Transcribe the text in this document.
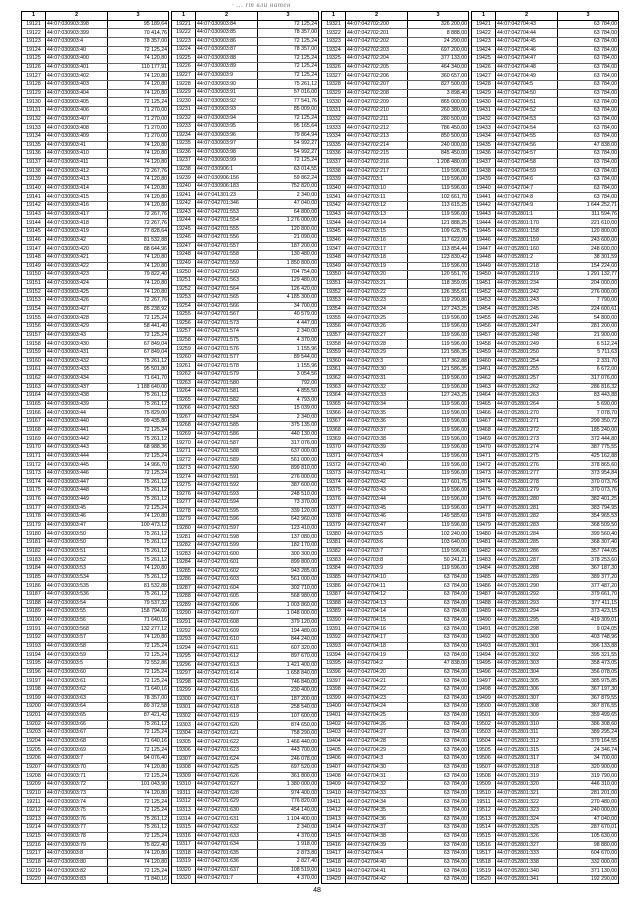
· … rm вли натен
1	2	3
19121	44:07:030903:398	95 189,64
19122	44:07:030903:399	70 414,76
19123	44:07:030903:4	78 357,00
19124	44:07:030903:40	72 125,24
19125	44:07:030903:400	74 120,80
19126	44:07:030903:401	110 177,91
19127	44:07:030903:402	74 120,80
19128	44:07:030903:403	74 120,80
19129	44:07:030903:404	74 120,80
19130	44:07:030903:405	72 125,24
19131	44:07:030903:406	71 270,00
19132	44:07:030903:407	71 270,00
19133	44:07:030903:408	71 270,00
19134	44:07:030903:409	71 270,00
19135	44:07:030903:41	74 120,80
19136	44:07:030903:410	74 120,80
19137	44:07:030903:411	74 120,80
19138	44:07:030903:412	72 267,76
19139	44:07:030903:413	74 120,80
19140	44:07:030903:414	74 120,80
19141	44:07:030903:415	74 120,80
19142	44:07:030903:416	74 120,80
19143	44:07:030903:417	72 267,76
19144	44:07:030903:418	72 267,76
19145	44:07:030903:419	77 828,64
19146	44:07:030903:42	81 532,88
19147	44:07:030903:420	88 644,96
19148	44:07:030903:421	74 120,80
19149	44:07:030903:422	74 120,80
19150	44:07:030903:423	79 822,40
19151	44:07:030903:424	74 120,80
19152	44:07:030903:425	74 120,80
19153	44:07:030903:426	72 267,76
19154	44:07:030903:427	85 238,92
19155	44:07:030903:428	72 125,24
19156	44:07:030903:429	58 441,40
19157	44:07:030903:43	72 125,24
19158	44:07:030903:430	67 849,04
19159	44:07:030903:431	67 849,04
19160	44:07:030903:432	75 261,12
19161	44:07:030903:433	95 501,80
19162	44:07:030903:434	71 641,70
19163	44:07:030903:437	1 188 640,00
19164	44:07:030903:438	75 261,12
19165	44:07:030903:439	75 261,12
19166	44:07:030903:44	75 829,00
19167	44:07:030903:440	99 435,80
19168	44:07:030903:441	72 125,24
19169	44:07:030903:442	75 261,12
19170	44:07:030903:443	68 988,36
19171	44:07:030903:444	72 125,24
19172	44:07:030903:445	14 966,70
19173	44:07:030903:446	72 125,24
19174	44:07:030903:447	75 261,12
19175	44:07:030903:448	75 261,12
19176	44:07:030903:449	75 261,12
19177	44:07:030903:45	72 125,24
19178	44:07:030903:46	74 120,80
19179	44:07:030903:47	100 473,12
19180	44:07:030903:50	75 261,12
19181	44:07:030903:50	75 261,12
19182	44:07:030903:51	75 261,12
19183	44:07:030903:52	75 261,12
19184	44:07:030903:53	74 120,80
19185	44:07:030903:534	75 261,12
19186	44:07:030903:535	81 532,88
19187	44:07:030903:536	75 261,12
19188	44:07:030903:54	79 537,32
19189	44:07:030903:55	158 794,00
19190	44:07:030903:56	71 640,16
19191	44:07:030903:568	132 277,12
19192	44:07:030903:57	74 120,80
19193	44:07:030903:58	72 125,24
19194	44:07:030903:59	72 125,24
19195	44:07:030903:5	72 552,86
19196	44:07:030903:60	72 125,24
19197	44:07:030903:61	72 125,24
19198	44:07:030903:62	71 640,16
19199	44:07:030903:63	78 357,00
19200	44:07:030903:64	89 372,58
19201	44:07:030903:65	87 421,42
19202	44:07:030903:66	75 261,12
19203	44:07:030903:67	72 125,24
19204	44:07:030903:68	71 640,16
19205	44:07:030903:69	72 125,24
19206	44:07:030903:7	94 076,40
19207	44:07:030903:70	74 120,80
19208	44:07:030903:71	72 125,24
19209	44:07:030903:72	101 043,90
19210	44:07:030903:73	74 120,80
19211	44:07:030903:74	72 125,24
19212	44:07:030903:75	72 125,24
19213	44:07:030903:76	75 261,12
19214	44:07:030903:77	75 261,12
19215	44:07:030903:78	72 125,24
19216	44:07:030903:79	75 822,40
19217	44:07:030903:8	74 120,80
19218	44:07:030903:80	74 120,80
19219	44:07:030903:82	72 125,24
19220	44:07:030903:83	71 840,16
1	2	3
19221	44:07:030903:84	72 125,24
19222	44:07:030903:85	78 357,00
19223	44:07:030903:86	72 125,24
19224	44:07:030903:87	78 357,00
19225	44:07:030903:88	72 125,24
19226	44:07:030903:89	72 125,24
19227	44:07:030903:9	72 125,24
19228	44:07:030903:90	75 261,12
19229	44:07:030903:91	57 016,00
19230	44:07:030903:92	77 541,76
19231	44:07:030903:93	85 009,00
19232	44:07:030903:94	72 125,24
19233	44:07:030903:95	95 165,64
19234	44:07:030903:96	79 864,94
19235	44:07:030903:97	54 992,27
19236	44:07:030903:98	54 992,27
19237	44:07:030903:99	72 125,24
19238	44:07:030906:1	63 014,55
19239	44:07:030906:156	59 862,24
19240	44:07:030906:183	752 820,00
19241	44:07:041301:23	2 340,00
19242	44:07:042701:346	47 040,00
19243	44:07:042701:553	64 800,00
19244	44:07:042701:554	1 276 000,00
19245	44:07:042701:555	120 800,00
19246	44:07:042701:556	21 090,00
19247	44:07:042701:557	187 200,00
19248	44:07:042701:558	130 480,00
19249	44:07:042701:559	1 850 800,00
19250	44:07:042701:560	704 754,00
19251	44:07:042701:563	129 480,00
19252	44:07:042701:564	126 420,00
19253	44:07:042701:565	4 185 300,00
19254	44:07:042701:566	34 700,00
19255	44:07:042701:567	40 579,00
19256	44:07:042701:573	4 447,00
19257	44:07:042701:574	2 340,00
19258	44:07:042701:575	4 370,00
19259	44:07:042701:576	1 155,96
19260	44:07:042701:577	89 544,00
19261	44:07:042701:578	1 155,96
19262	44:07:042701:579	3 054,56
19263	44:07:042701:580	792,00
19264	44:07:042701:581	4 855,50
19265	44:07:042701:582	4 793,00
19266	44:07:042701:583	15 039,00
19267	44:07:042701:584	2 340,00
19268	44:07:042701:585	375 135,00
19269	44:07:042701:586	440 130,00
19270	44:07:042701:587	317 076,00
19271	44:07:042701:588	637 000,00
19272	44:07:042701:589	561 000,00
19273	44:07:042701:590	899 810,00
19274	44:07:042701:591	276 000,00
19275	44:07:042701:592	387 600,00
19276	44:07:042701:593	248 510,00
19277	44:07:042701:594	73 370,00
19278	44:07:042701:595	339 120,00
19279	44:07:042701:596	642 960,00
19280	44:07:042701:597	123 410,00
19281	44:07:042701:598	137 080,00
19282	44:07:042701:599	182 170,00
19283	44:07:042701:600	300 300,00
19284	44:07:042701:601	899 800,00
19285	44:07:042701:602	943 285,00
19286	44:07:042701:603	561 000,00
19287	44:07:042701:604	302 710,00
19288	44:07:042701:605	568 980,00
19289	44:07:042701:606	1 003 860,00
19290	44:07:042701:607	1 048 000,00
19291	44:07:042701:608	379 120,00
19292	44:07:042701:609	194 480,00
19293	44:07:042701:610	844 240,00
19294	44:07:042701:611	607 320,00
19295	44:07:042701:612	897 670,00
19296	44:07:042701:613	1 421 400,00
19297	44:07:042701:614	1 658 840,00
19298	44:07:042701:615	746 840,00
19299	44:07:042701:616	230 400,00
19300	44:07:042701:617	187 200,00
19301	44:07:042701:618	258 540,00
19302	44:07:042701:619	107 600,00
19303	44:07:042701:620	874 650,00
19304	44:07:042701:621	758 290,00
19305	44:07:042701:622	1 466 440,00
19306	44:07:042701:623	443 700,00
19307	44:07:042701:624	246 078,00
19308	44:07:042701:625	697 520,00
19309	44:07:042701:626	361 800,00
19310	44:07:042701:627	1 380 000,00
19311	44:07:042701:628	974 400,00
19312	44:07:042701:629	776 820,00
19313	44:07:042701:630	454 140,00
19314	44:07:042701:631	1 104 400,00
19315	44:07:042701:632	2 340,00
19316	44:07:042701:633	4 370,00
19317	44:07:042701:634	1 918,00
19318	44:07:042701:635	2 873,80
19319	44:07:042701:636	2 827,40
19320	44:07:042701:637	108 519,00
19320	44:07:042701:7	4 370,00
1	2	3
19321	44:07:042702:200	326 200,00
19322	44:07:042702:201	8 888,00
19323	44:07:042702:202	24 290,00
19324	44:07:042702:203	697 200,00
19325	44:07:042702:204	377 133,00
19326	44:07:042702:205	464 340,00
19327	44:07:042702:206	360 657,00
19328	44:07:042702:207	827 500,00
19329	44:07:042702:208	3 898,40
19330	44:07:042702:209	865 000,00
19331	44:07:042702:210	260 380,00
19332	44:07:042702:211	280 500,00
19333	44:07:042702:212	786 450,00
19334	44:07:042702:213	850 500,00
19335	44:07:042702:214	240 000,00
19336	44:07:042702:215	845 450,00
19337	44:07:042702:216	1 208 480,00
19338	44:07:042702:217	119 596,00
19339	44:07:042703:1	119 596,00
19340	44:07:042703:10	119 596,00
19341	44:07:042703:11	102 661,70
19342	44:07:042703:12	113 615,25
19343	44:07:042703:13	119 596,00
19344	44:07:042703:14	121 888,25
19345	44:07:042703:15	109 628,75
19346	44:07:042703:16	117 622,00
19347	44:07:042703:17	113 854,44
19348	44:07:042703:18	123 830,42
19349	44:07:042703:19	119 596,00
19350	44:07:042703:20	120 551,76
19351	44:07:042703:21	118 359,05
19352	44:07:042703:22	126 355,61
19353	44:07:042703:23	119 290,80
19354	44:07:042703:24	127 243,25
19355	44:07:042703:25	119 596,00
19356	44:07:042703:26	119 596,00
19357	44:07:042703:27	119 596,00
19358	44:07:042703:28	119 596,00
19359	44:07:042703:29	121 586,35
19360	44:07:042703:3	117 362,88
19361	44:07:042703:30	121 586,35
19362	44:07:042703:31	119 596,00
19363	44:07:042703:32	119 596,00
19364	44:07:042703:33	127 243,25
19365	44:07:042703:34	119 596,00
19366	44:07:042703:35	119 596,00
19367	44:07:042703:36	119 596,00
19368	44:07:042703:37	119 596,00
19369	44:07:042703:38	119 596,00
19370	44:07:042703:39	119 596,00
19371	44:07:042703:4	119 596,00
19372	44:07:042703:40	119 596,00
19373	44:07:042703:41	119 596,00
19374	44:07:042703:42	117 601,75
19375	44:07:042703:43	119 596,00
19376	44:07:042703:44	119 596,00
19377	44:07:042703:45	119 596,00
19378	44:07:042703:46	149 585,60
19379	44:07:042703:47	119 596,00
19380	44:07:042703:5	102 240,00
19381	44:07:042703:6	103 640,00
19382	44:07:042703:7	119 596,00
19383	44:07:042703:8	50 241,21
19384	44:07:042703:9	119 596,00
19385	44:07:042704:10	63 784,00
19386	44:07:042704:11	63 784,00
19387	44:07:042704:12	63 784,00
19388	44:07:042704:13	63 784,00
19389	44:07:042704:14	63 784,00
19390	44:07:042704:15	63 784,00
19391	44:07:042704:16	63 784,00
19392	44:07:042704:17	63 784,00
19393	44:07:042704:18	63 784,00
19394	44:07:042704:19	63 784,00
19395	44:07:042704:2	47 838,00
19396	44:07:042704:20	63 784,00
19397	44:07:042704:21	63 784,00
19398	44:07:042704:22	63 784,00
19399	44:07:042704:23	63 784,00
19400	44:07:042704:24	63 784,00
19401	44:07:042704:25	63 784,00
19402	44:07:042704:26	63 784,00
19403	44:07:042704:27	63 784,00
19404	44:07:042704:28	63 784,00
19405	44:07:042704:29	63 784,00
19406	44:07:042704:3	63 784,00
19407	44:07:042704:30	63 784,00
19408	44:07:042704:31	63 784,00
19409	44:07:042704:32	63 784,00
19410	44:07:042704:33	63 784,00
19411	44:07:042704:34	63 784,00
19412	44:07:042704:35	63 784,00
19413	44:07:042704:36	63 784,00
19414	44:07:042704:37	63 784,00
19415	44:07:042704:38	63 784,00
19416	44:07:042704:39	63 784,00
19417	44:07:042704:4	63 784,00
19418	44:07:042704:40	63 784,00
19419	44:07:042704:41	63 784,00
19420	44:07:042704:42	63 784,00
1	2	3
19421	44:07:042704:43	63 784,00
19422	44:07:042704:44	63 784,00
19423	44:07:042704:45	63 784,00
19424	44:07:042704:46	63 784,00
19425	44:07:042704:47	63 784,00
19426	44:07:042704:48	63 784,00
19427	44:07:042704:49	63 784,00
19428	44:07:042704:5	63 784,00
19429	44:07:042704:50	63 784,00
19430	44:07:042704:51	63 784,00
19431	44:07:042704:52	63 784,00
19432	44:07:042704:53	63 784,00
19433	44:07:042704:54	63 784,00
19434	44:07:042704:55	63 784,00
19435	44:07:042704:56	47 838,00
19436	44:07:042704:57	63 784,00
19437	44:07:042704:58	63 784,00
19438	44:07:042704:59	63 784,00
19439	44:07:042704:6	63 784,00
19440	44:07:042704:7	63 784,00
19441	44:07:042704:8	63 784,00
19442	44:07:042704:9	1 644 252,71
19443	44:07:052801:1	311 594,76
19444	44:07:052801:170	221 610,00
19445	44:07:052801:158	120 800,00
19446	44:07:052801:159	243 600,00
19447	44:07:052801:160	248 600,00
19448	44:07:052801:2	38 301,59
19449	44:07:052801:218	154 224,00
19450	44:07:052801:219	1 291 132,77
19451	44:07:052801:234	204 000,00
19452	44:07:052801:242	276 000,00
19453	44:07:052801:243	7 790,00
19454	44:07:052801:245	224 600,61
19455	44:07:052801:246	54 800,00
19456	44:07:052801:247	281 200,00
19457	44:07:052801:248	21 900,00
19458	44:07:052801:249	6 512,24
19459	44:07:052801:250	5 711,63
19460	44:07:052801:254	2 331,70
19461	44:07:052801:255	6 672,00
19462	44:07:052801:257	317 076,00
19463	44:07:052801:262	286 816,32
19464	44:07:052801:263	83 443,88
19465	44:07:052801:264	5 690,00
19466	44:07:052801:270	7 078,70
19467	44:07:052801:271	299 350,72
19468	44:07:052801:272	185 240,00
19469	44:07:052801:273	372 444,80
19470	44:07:052801:274	387 775,55
19471	44:07:052801:275	425 162,88
19472	44:07:052801:276	378 865,60
19473	44:07:052801:277	373 954,84
19474	44:07:052801:278	370 073,76
19475	44:07:052801:279	370 073,76
19476	44:07:052801:280	382 401,25
19477	44:07:052801:281	383 794,95
19478	44:07:052801:282	354 965,53
19479	44:07:052801:283	368 509,50
19480	44:07:052801:284	399 560,40
19481	44:07:052801:285	368 307,40
19482	44:07:052801:286	357 744,05
19483	44:07:052801:287	378 253,60
19484	44:07:052801:288	367 187,30
19485	44:07:052801:289	389 377,20
19486	44:07:052801:290	377 487,20
19487	44:07:052801:292	379 661,70
19488	44:07:052801:293	377 411,15
19489	44:07:052801:294	373 423,15
19490	44:07:052801:295	419 309,01
19491	44:07:052801:298	9 024,05
19492	44:07:052801:300	403 748,96
19493	44:07:052801:301	396 133,88
19494	44:07:052801:302	395 321,55
19495	44:07:052801:303	358 473,05
19496	44:07:052801:304	356 078,05
19497	44:07:052801:305	385 975,85
19498	44:07:052801:306	367 197,30
19499	44:07:052801:307	367 879,55
19500	44:07:052801:308	367 876,55
19501	44:07:052801:309	359 499,65
19502	44:07:052801:310	386 308,60
19503	44:07:052801:311	389 295,24
19504	44:07:052801:312	379 164,55
19505	44:07:052801:315	24 346,74
19506	44:07:052801:317	34 700,00
19507	44:07:052801:318	320 900,00
19508	44:07:052801:319	319 790,00
19509	44:07:052801:320	446 310,00
19510	44:07:052801:321	281 201,00
19511	44:07:052801:322	270 480,00
19512	44:07:052801:323	240 000,00
19513	44:07:052801:324	47 040,00
19514	44:07:052801:325	287 670,01
19515	44:07:052801:326	105 630,00
19516	44:07:052801:327	98 880,00
19517	44:07:052801:333	604 670,00
19518	44:07:052801:338	332 000,00
19519	44:07:052801:340	371 130,00
19520	44:07:052801:341	192 290,00
48
